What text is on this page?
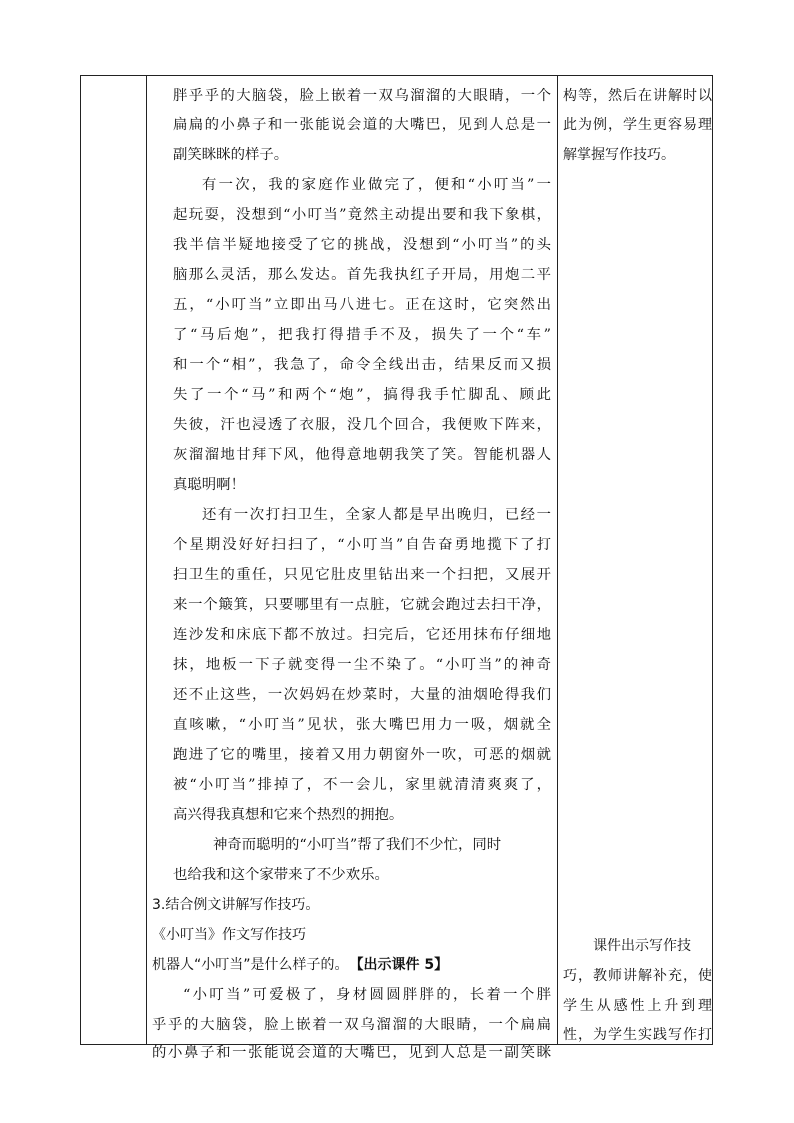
胖乎乎的大脑袋，脸上嵌着一双乌溜溜的大眼睛，一个
扁扁的小鼻子和一张能说会道的大嘴巴，见到人总是一
副笑眯眯的样子。
有一次，我的家庭作业做完了，便和“小叮当”一
起玩耍，没想到“小叮当”竟然主动提出要和我下象棋，
我半信半疑地接受了它的挑战，没想到“小叮当”的头
脑那么灵活，那么发达。首先我执红子开局，用炮二平
五，“小叮当”立即出马八进七。正在这时，它突然出
了“马后炮”，把我打得措手不及，损失了一个“车”
和一个“相”，我急了，命令全线出击，结果反而又损
失了一个“马”和两个“炮”，搞得我手忙脚乱、顾此
失彼，汗也浸透了衣服，没几个回合，我便败下阵来，
灰溜溜地甘拜下风，他得意地朝我笑了笑。智能机器人
真聪明啊！
还有一次打扫卫生，全家人都是早出晚归，已经一
个星期没好好扫扫了，“小叮当”自告奋勇地揽下了打
扫卫生的重任，只见它肚皮里钻出来一个扫把，又展开
来一个簸箕，只要哪里有一点脏，它就会跑过去扫干净，
连沙发和床底下都不放过。扫完后，它还用抹布仔细地
抹，地板一下子就变得一尘不染了。“小叮当”的神奇
还不止这些，一次妈妈在炒菜时，大量的油烟呛得我们
直咳嗽，“小叮当”见状，张大嘴巴用力一吸，烟就全
跑进了它的嘴里，接着又用力朝窗外一吹，可恶的烟就
被“小叮当”排掉了，不一会儿，家里就清清爽爽了，
高兴得我真想和它来个热烈的拥抱。
神奇而聪明的“小叮当”帮了我们不少忙，同时
也给我和这个家带来了不少欢乐。
3.结合例文讲解写作技巧。
《小叮当》作文写作技巧
机器人“小叮当”是什么样子的。 【出示课件 5】
“小叮当”可爱极了，身材圆圆胖胖的，长着一个胖
乎乎的大脑袋，脸上嵌着一双乌溜溜的大眼睛，一个扁扁
的小鼻子和一张能说会道的大嘴巴，见到人总是一副笑眯
构等，然后在讲解时以
此为例，学生更容易理
解掌握写作技巧。
课件出示写作技
巧，教师讲解补充，使
学生从感性上升到理
性，为学生实践写作打
